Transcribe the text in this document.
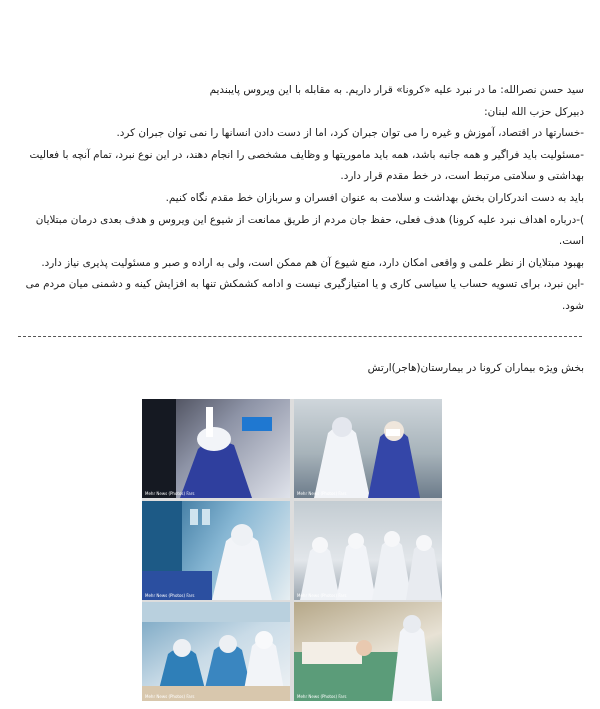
سید حسن نصرالله: ما در نبرد علیه «کرونا» قرار داریم. به مقابله با این ویروس پایبندیم

دبیرکل حزب الله لبنان:

-خسارتها در اقتصاد، آموزش و غیره را می توان جبران کرد، اما از دست دادن انسانها را نمی توان جبران کرد.

-مسئولیت باید فراگیر و همه جانبه باشد، همه باید ماموریتها و وظایف مشخصی را انجام دهند، در این نوع نبرد، تمام آنچه با فعالیت بهداشتی و سلامتی مرتبط است، در خط مقدم قرار دارد.

باید به دست اندرکاران بخش بهداشت و سلامت به عنوان افسران و سربازان خط مقدم نگاه کنیم.

)-درباره اهداف نبرد علیه کرونا) هدف فعلی، حفظ جان مردم از طریق ممانعت از شیوع این ویروس و هدف بعدی درمان مبتلایان است.

بهبود مبتلایان از نظر علمی و واقعی امکان دارد، منع شیوع آن هم ممکن است، ولی به اراده و صبر و مسئولیت پذیری نیاز دارد.

-این نبرد، برای تسویه حساب یا سیاسی کاری و یا امتیازگیری نیست و ادامه کشمکش تنها به افزایش کینه و دشمنی میان مردم می شود.

بخش ویژه بیماران کرونا در بیمارستان(هاجر)ارتش
Mehr News (Photos) Fars	Mehr News (Photos) Fars
Mehr News (Photos) Fars	Mehr News (Photos) Fars
Mehr News (Photos) Fars	Mehr News (Photos) Fars
